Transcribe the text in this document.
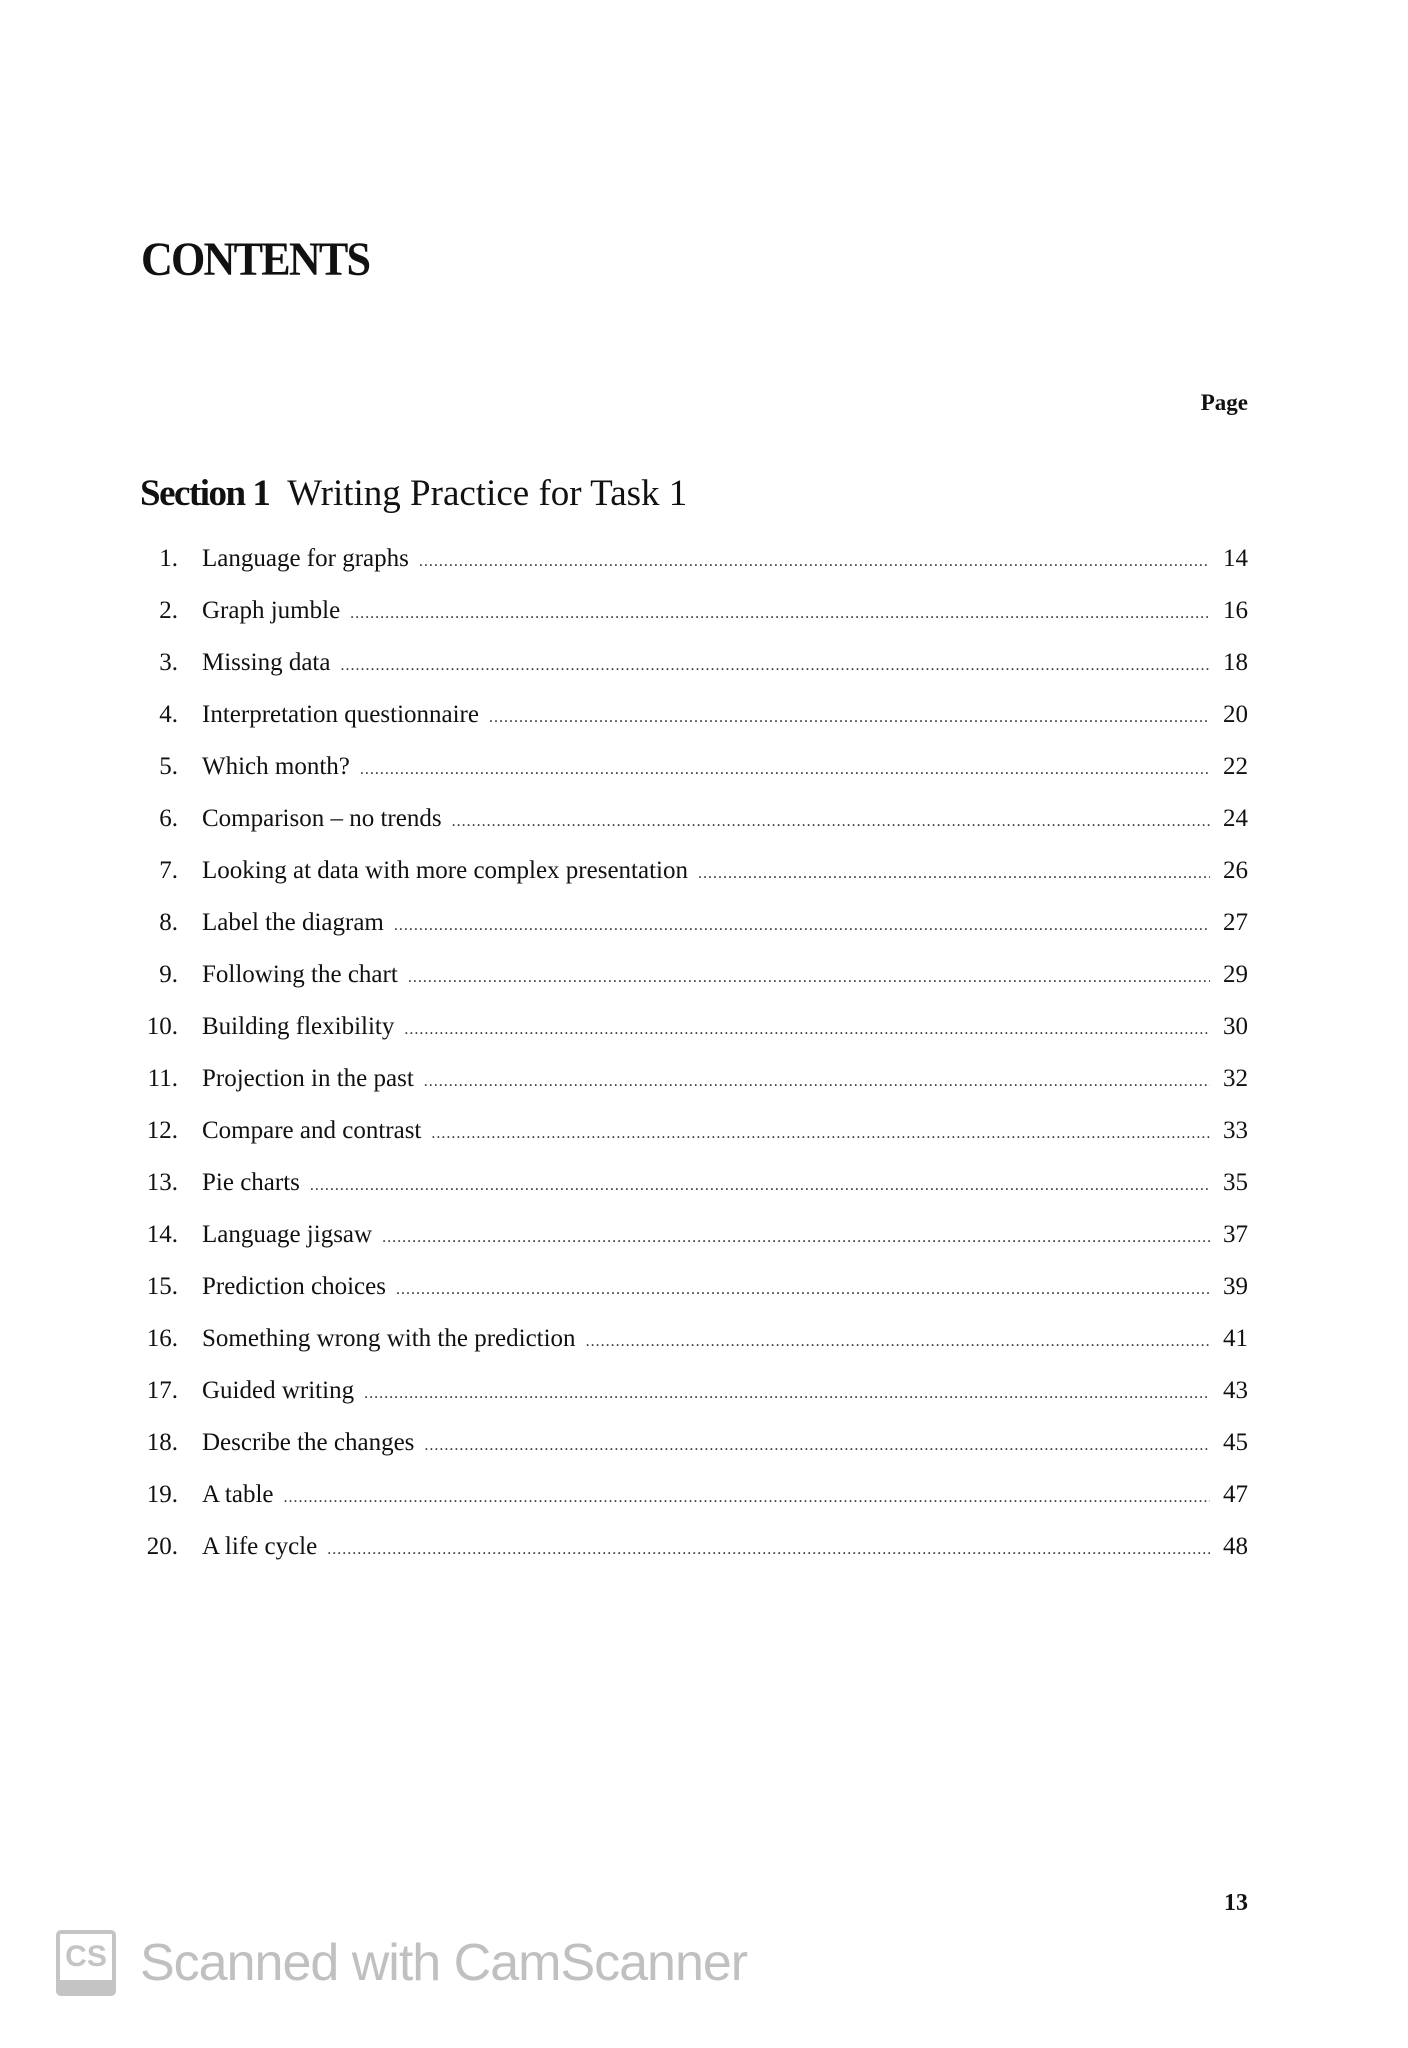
CONTENTS
Page
Section 1 Writing Practice for Task 1
1. Language for graphs .....	14
2. Graph jumble .....	16
3. Missing data .....	18
4. Interpretation questionnaire .....	20
5. Which month? .....	22
6. Comparison – no trends .....	24
7. Looking at data with more complex presentation .....	26
8. Label the diagram .....	27
9. Following the chart .....	29
10. Building flexibility .....	30
11. Projection in the past .....	32
12. Compare and contrast .....	33
13. Pie charts .....	35
14. Language jigsaw .....	37
15. Prediction choices .....	39
16. Something wrong with the prediction .....	41
17. Guided writing .....	43
18. Describe the changes .....	45
19. A table .....	47
20. A life cycle .....	48
13
CS Scanned with CamScanner
